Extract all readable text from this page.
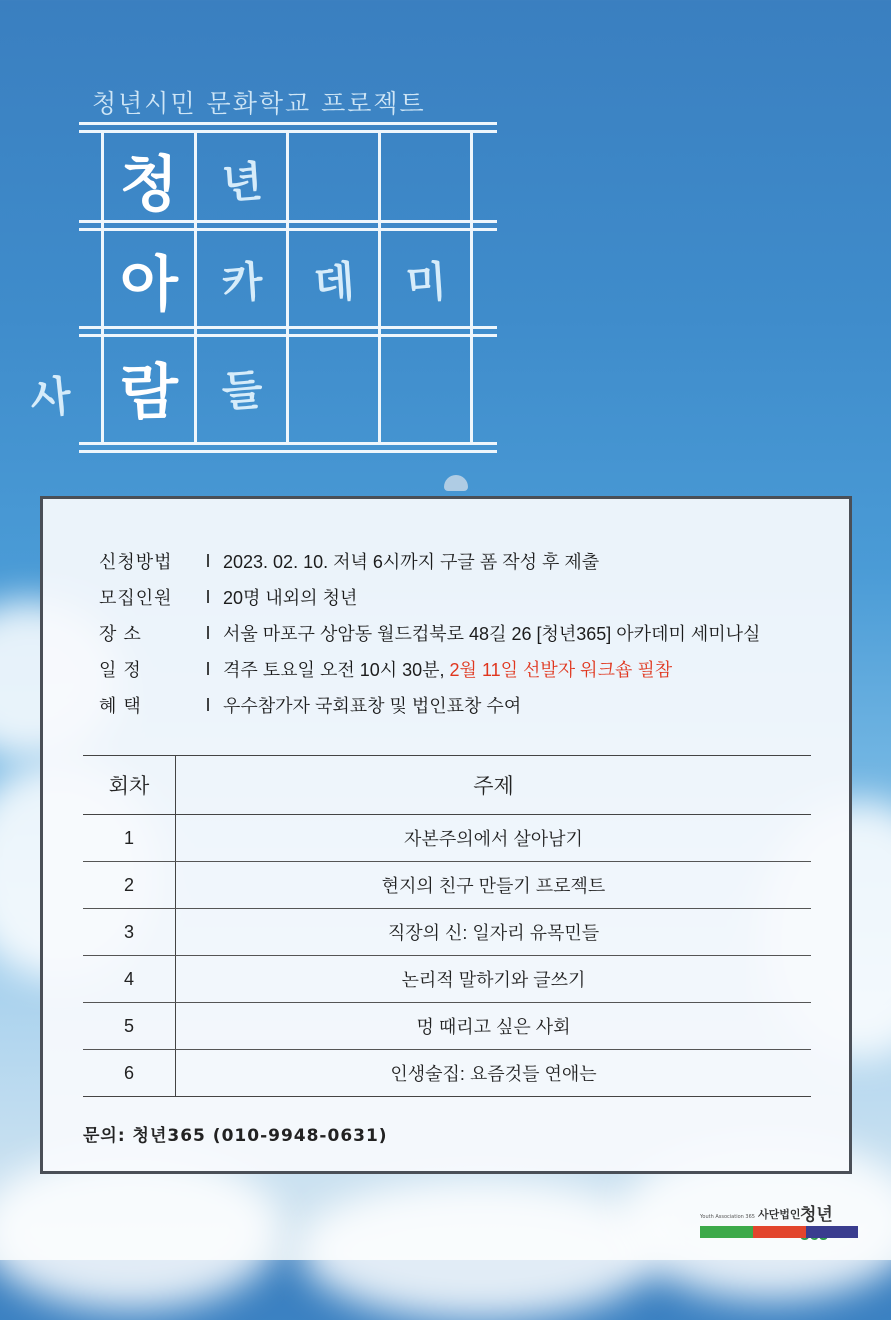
청년시민 문화학교 프로젝트
청	년
아	카	데	미
람	들
사
신청방법	I 2023. 02. 10. 저녁 6시까지 구글 폼 작성 후 제출
모집인원	I 20명 내외의 청년
장 소	I 서울 마포구 상암동 월드컵북로 48길 26 [청년365] 아카데미 세미나실
일 정	I 격주 토요일 오전 10시 30분, 2월 11일 선발자 워크숍 필참
혜 택	I 우수참가자 국회표창 및 법인표창 수여
회차	주제
1	자본주의에서 살아남기
2	현지의 친구 만들기 프로젝트
3	직장의 신: 일자리 유목민들
4	논리적 말하기와 글쓰기
5	멍 때리고 싶은 사회
6	인생술집: 요즘것들 연애는
문의: 청년365 (010-9948-0631)
Youth Association 365 사단법인 청년
